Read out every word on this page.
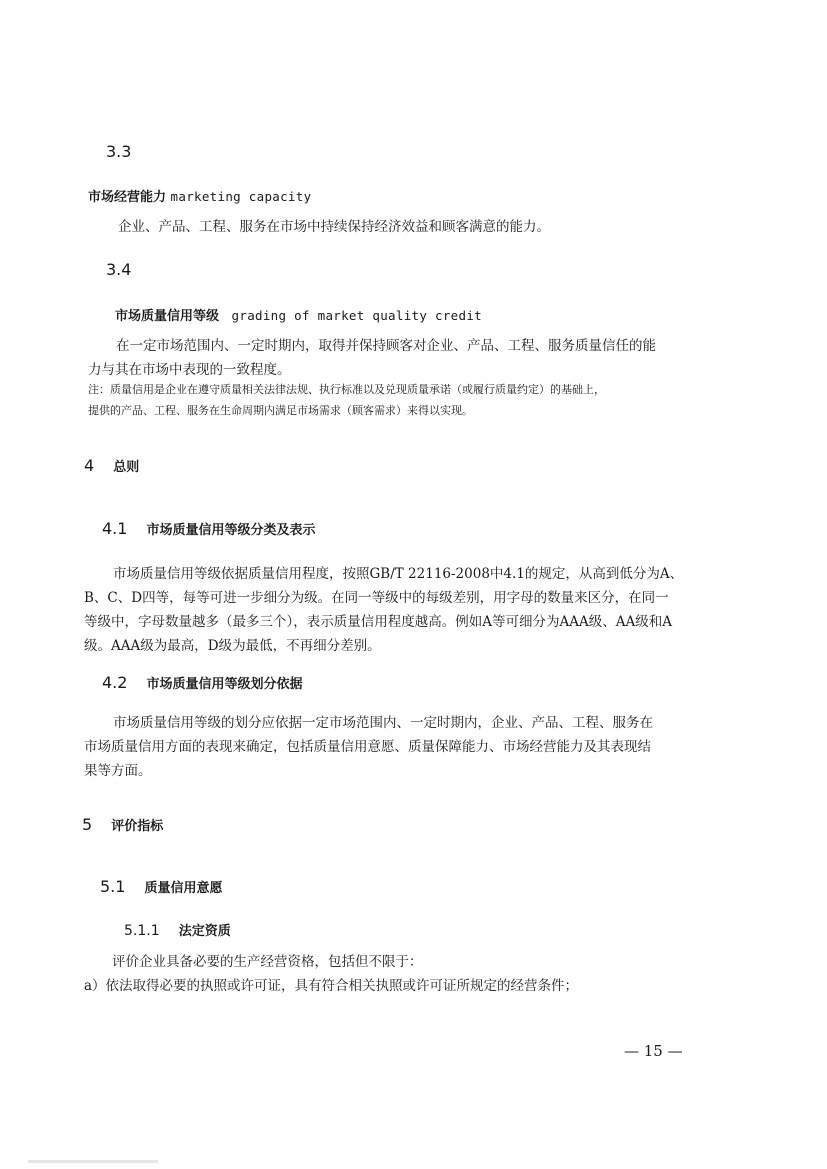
3.3
市场经营能力 marketing capacity
企业、产品、工程、服务在市场中持续保持经济效益和顾客满意的能力。
3.4
市场质量信用等级 grading of market quality credit
在一定市场范围内、一定时期内，取得并保持顾客对企业、产品、工程、服务质量信任的能
力与其在市场中表现的一致程度。
注：质量信用是企业在遵守质量相关法律法规、执行标准以及兑现质量承诺（或履行质量约定）的基础上，
提供的产品、工程、服务在生命周期内满足市场需求（顾客需求）来得以实现。
4 总则
4.1 市场质量信用等级分类及表示
市场质量信用等级依据质量信用程度，按照GB/T 22116-2008中4.1的规定，从高到低分为A、
B、C、D四等，每等可进一步细分为级。在同一等级中的每级差别，用字母的数量来区分，在同一
等级中，字母数量越多（最多三个），表示质量信用程度越高。例如A等可细分为AAA级、AA级和A
级。AAA级为最高，D级为最低，不再细分差别。
4.2 市场质量信用等级划分依据
市场质量信用等级的划分应依据一定市场范围内、一定时期内，企业、产品、工程、服务在
市场质量信用方面的表现来确定，包括质量信用意愿、质量保障能力、市场经营能力及其表现结
果等方面。
5 评价指标
5.1 质量信用意愿
5.1.1 法定资质
评价企业具备必要的生产经营资格，包括但不限于：
a）依法取得必要的执照或许可证，具有符合相关执照或许可证所规定的经营条件；
— 15 —
